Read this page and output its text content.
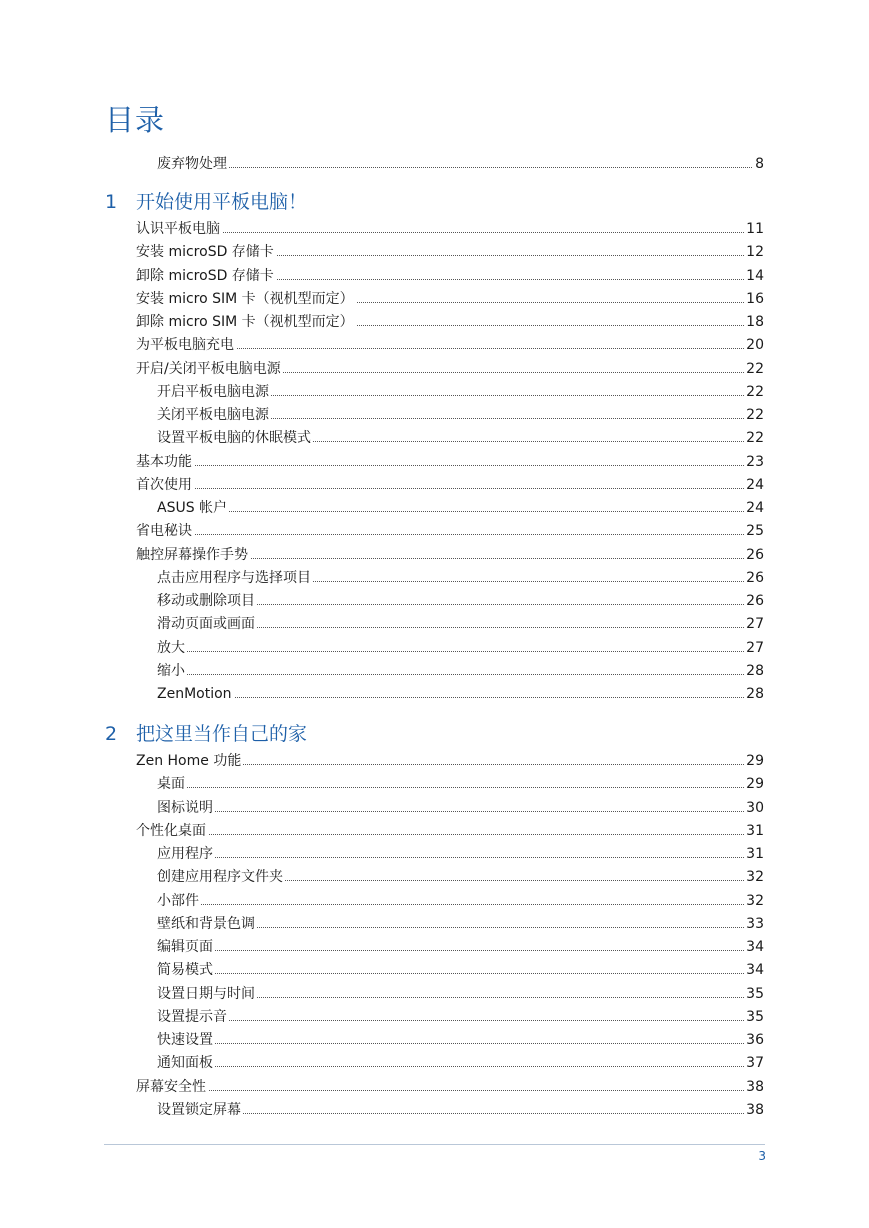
目录
废弃物处理	8
1 开始使用平板电脑！
认识平板电脑	11
安装 microSD 存储卡	12
卸除 microSD 存储卡	14
安装 micro SIM 卡（视机型而定）	16
卸除 micro SIM 卡（视机型而定）	18
为平板电脑充电	20
开启/关闭平板电脑电源	22
开启平板电脑电源	22
关闭平板电脑电源	22
设置平板电脑的休眠模式	22
基本功能	23
首次使用	24
ASUS 帐户	24
省电秘诀	25
触控屏幕操作手势	26
点击应用程序与选择项目	26
移动或删除项目	26
滑动页面或画面	27
放大	27
缩小	28
ZenMotion	28
2 把这里当作自己的家
Zen Home 功能	29
桌面	29
图标说明	30
个性化桌面	31
应用程序	31
创建应用程序文件夹	32
小部件	32
壁纸和背景色调	33
编辑页面	34
简易模式	34
设置日期与时间	35
设置提示音	35
快速设置	36
通知面板	37
屏幕安全性	38
设置锁定屏幕	38
3
